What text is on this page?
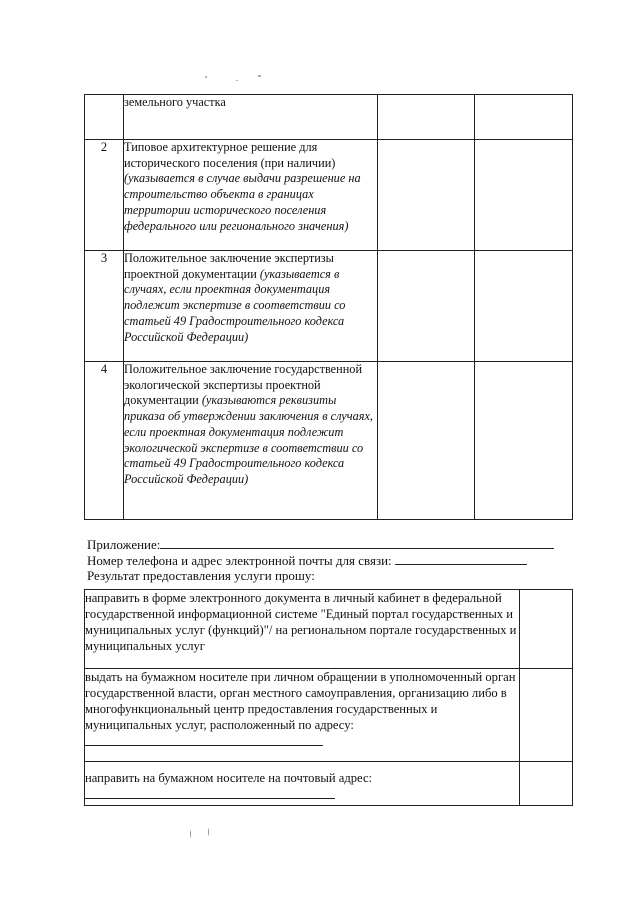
	земельного участка		
2	Типовое архитектурное решение для исторического поселения (при наличии) (указывается в случае выдачи разрешение на строительство объекта в границах территории исторического поселения федерального или регионального значения)		
3	Положительное заключение экспертизы проектной документации (указывается в случаях, если проектная документация подлежит экспертизе в соответствии со статьей 49 Градостроительного кодекса Российской Федерации)		
4	Положительное заключение государственной экологической экспертизы проектной документации (указываются реквизиты приказа об утверждении заключения в случаях, если проектная документация подлежит экологической экспертизе в соответствии со статьей 49 Градостроительного кодекса Российской Федерации)		
Приложение:
Номер телефона и адрес электронной почты для связи:
Результат предоставления услуги прошу:
направить в форме электронного документа в личный кабинет в федеральной государственной информационной системе "Единый портал государственных и муниципальных услуг (функций)"/ на региональном портале государственных и муниципальных услуг	
выдать на бумажном носителе при личном обращении в уполномоченный орган государственной власти, орган местного самоуправления, организацию либо в многофункциональный центр предоставления государственных и муниципальных услуг, расположенный по адресу:	
направить на бумажном носителе на почтовый адрес:	
